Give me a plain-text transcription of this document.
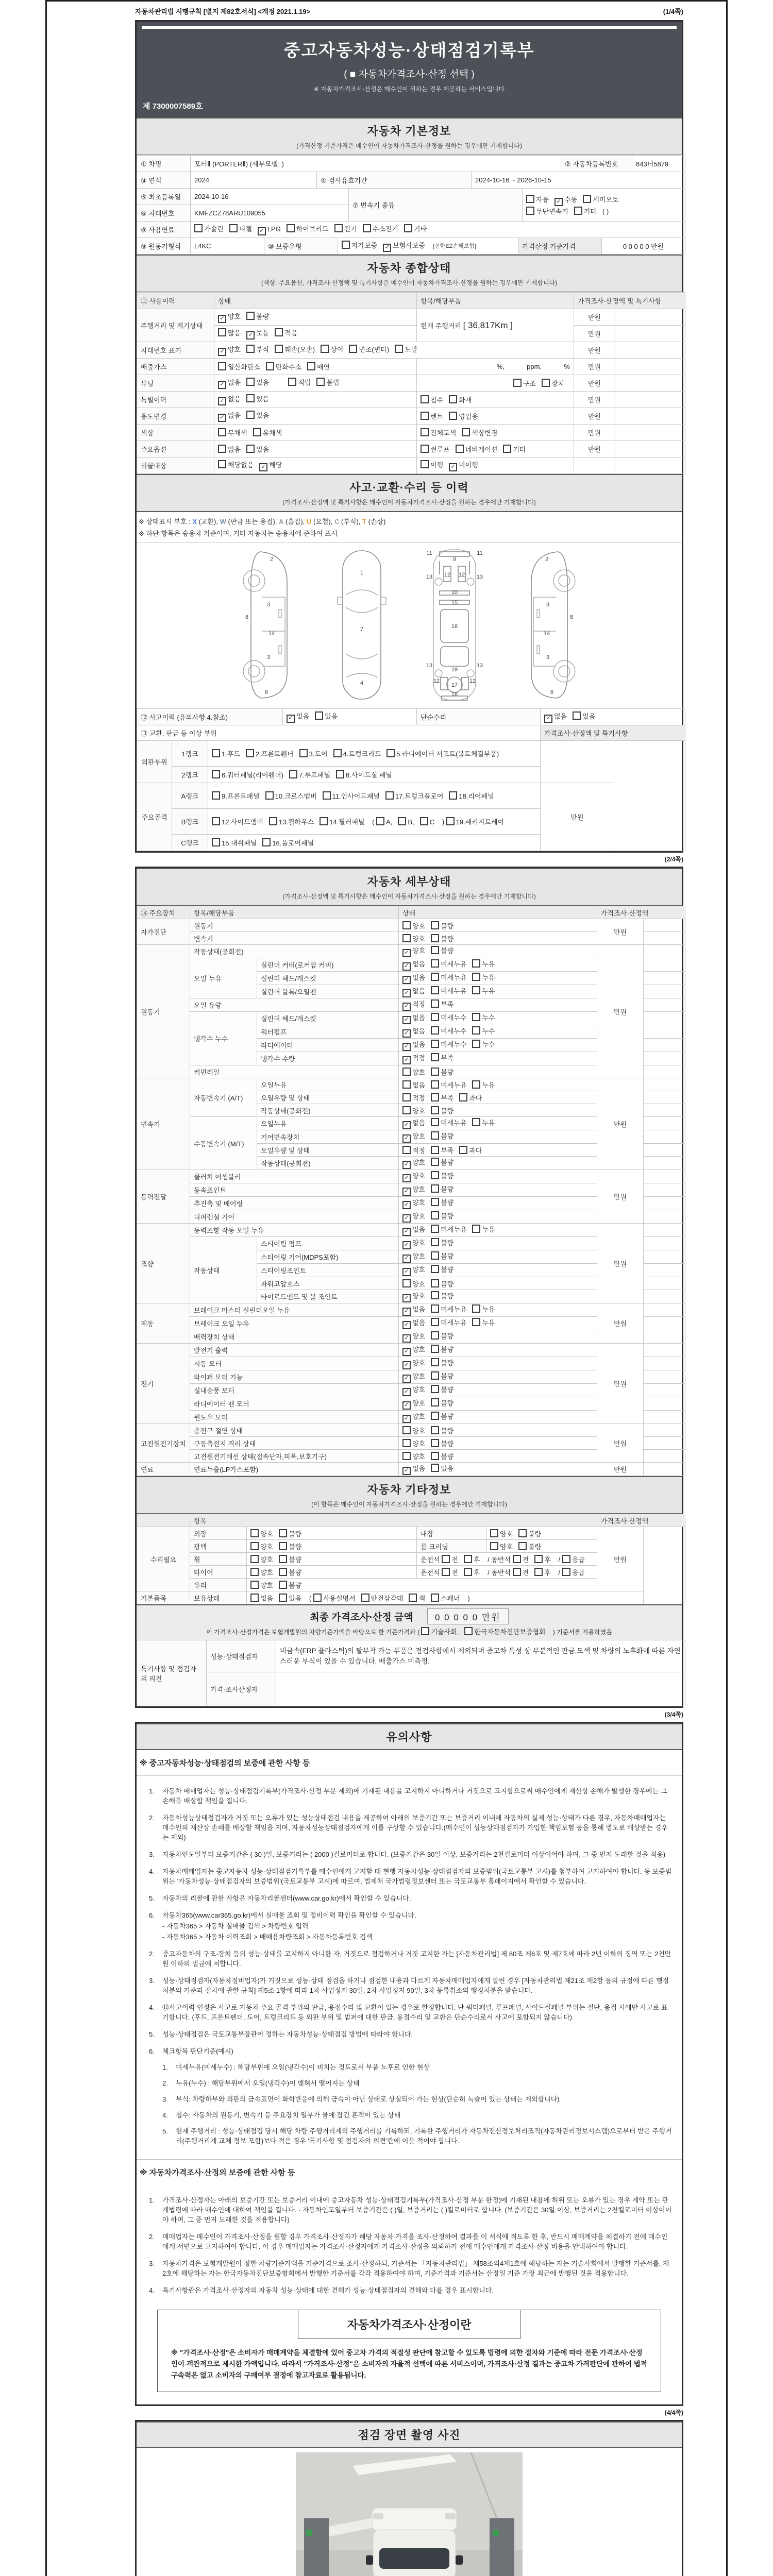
자동차관리법 시행규칙 [별지 제82호서식] <개정 2021.1.19>	(1/4쪽)
중고자동차성능·상태점검기록부
( ■ 자동차가격조사·산정 선택 )
※ 자동차가격조사·산정은 매수인이 원하는 경우 제공하는 서비스입니다
제 7300007589호
자동차 기본정보
(가격산정 기준가격은 매수인이 자동차가격조사·산정을 원하는 경우에만 기재합니다)
① 차명	포터Ⅱ (PORTERⅡ) (세부모델: )	② 자동차등록번호	843더5879
③ 연식	2024	④ 검사유효기간	2024-10-16 ~ 2026-10-15
⑤ 최초등록일	2024-10-16	⑦ 변속기 종류	자동 ✓ 수동 세미오토
무단변속기 기타 ( )

⑥ 차대번호	KMFZCZ78ARU109055		
⑧ 사용연료	가솔린 디젤 ✓ LPG 하이브리드 전기 수소전기 기타
⑨ 원동기형식	L4KC	⑩ 보증유형	자가보증 ✓ 보험사보증 [신한EZ손해보험]	가격산정 기준가격	0 0 0 0 0 만원
자동차 종합상태
(색상, 주요옵션, 가격조사·산정액 및 특기사항은 매수인이 자동차가격조사·산정을 원하는 경우에만 기재합니다)
⑪ 사용이력	상태	항목/해당부품	가격조사·산정액 및 특기사항	
주행거리 및 계기상태	✓ 양호 불량	현재 주행거리 [ 36,817Km ]	만원	
	많음 ✓ 보통 적음		만원	
차대번호 표기	✓ 양호 부식 훼손(오손) 상이 변조(변타) 도말		만원	
배출가스	일산화탄소 탄화수소 매연	%,            ppm,            %	만원	
튜닝	✓ 없음 있음 적법 불법	구조 장치	만원	
특별이력	✓ 없음 있음	침수 화재	만원	
용도변경	✓ 없음 있음	렌트 영업용	만원	
색상	무채색 유채색	전체도색 색상변경	만원	
주요옵션	없음 있음	썬루프 네비게이션 기타	만원	
리콜대상	해당없음 ✓ 해당	이행 ✓ 미이행		
사고·교환·수리 등 이력
(가격조사·산정액 및 특기사항은 매수인이 자동차가격조사·산정을 원하는 경우에만 기재합니다)
※ 상태표시 부호 : X (교환), W (판금 또는 용접), A (흠집), U (요철), C (부식), T (손상)
※ 하단 항목은 승용차 기준이며, 기타 자동차는 승용차에 준하여 표시
2
8
3
14
3
6
1
7
4
11
9
11
13 12 12 13
10
15
16
13
19
13
12
17
12
18
2
3
8
14
3
6
⑫ 사고이력 (유의사항 4.참조)	✓ 없음 있음	단순수리	✓ 없음 있음
⑬ 교환, 판금 등 이상 부위	가격조사·산정액 및 특기사항
외판부위	1랭크	1.후드 2.프론트휀더 3.도어 4.트렁크리드 5.라디에이터 서포트(볼트체결부품)		
	2랭크	6.쿼터패널(리어휀더) 7.루프패널 8.사이드실 패널		
주요골격	A랭크	9.프론트패널 10.크로스멤버 11.인사이드패널 17.트렁크플로어 18.리어패널	만원	
	B랭크	12.사이드멤버 13.휠하우스 14.필러패널 ( A, B, C ) 19.패키지트레이		
	C랭크	15.대쉬패널 16.플로어패널		
(2/4쪽)
자동차 세부상태
(가격조사·산정액 및 특기사항은 매수인이 자동차가격조사·산정을 원하는 경우에만 기재합니다)
⑭ 주요장치	항목/해당부품		상태	가격조사·산정액	
자가진단	원동기		양호 불량	만원	
	변속기		양호 불량		
원동기	작동상태(공회전)		✓ 양호 불량	만원	
	오일 누유	실린더 커버(로커암 커버)	✓ 없음 미세누유 누유		
		실린더 헤드/개스킷	✓ 없음 미세누유 누유		
		실린더 블록/오일팬	✓ 없음 미세누유 누유		
	오일 유량		✓ 적정 부족		
	냉각수 누수	실린더 헤드/개스킷	✓ 없음 미세누수 누수		
		워터펌프	✓ 없음 미세누수 누수		
		라디에이터	✓ 없음 미세누수 누수		
		냉각수 수량	✓ 적정 부족		
	커먼레일		양호 불량		
변속기	자동변속기 (A/T)	오일누유	없음 미세누유 누유	만원	
		오일유량 및 상태	적정 부족 과다		
		작동상태(공회전)	양호 불량		
	수동변속기 (M/T)	오일누유	✓ 없음 미세누유 누유		
		기어변속장치	✓ 양호 불량		
		오일유량 및 상태	적정 부족 과다		
		작동상태(공회전)	✓ 양호 불량		
동력전달	클러치 어셈블리		✓ 양호 불량	만원	
	등속죠인트		✓ 양호 불량		
	추진축 및 베어링		✓ 양호 불량		
	디퍼렌셜 기어		✓ 양호 불량		
조향	동력조향 작동 오일 누유		✓ 없음 미세누유 누유	만원	
	작동상태	스티어링 펌프	✓ 양호 불량		
		스티어링 기어(MDPS포함)	✓ 양호 불량		
		스티어링조인트	✓ 양호 불량		
		파워고압호스	양호 불량		
		타이로드엔드 및 볼 조인트	✓ 양호 불량		
제동	브레이크 마스터 실린더오일 누유		✓ 없음 미세누유 누유	만원	
	브레이크 오일 누유		✓ 없음 미세누유 누유		
	배력장치 상태		✓ 양호 불량		
전기	발전기 출력		✓ 양호 불량	만원	
	시동 모터		✓ 양호 불량		
	와이퍼 모터 기능		✓ 양호 불량		
	실내송풍 모터		✓ 양호 불량		
	라디에이터 팬 모터		✓ 양호 불량		
	윈도우 모터		✓ 양호 불량		
고전원전기장치	충전구 절연 상태		양호 불량	만원	
	구동축전지 격리 상태		양호 불량		
	고전원전기배선 상태(접속단자,피복,보호기구)		양호 불량		
연료	연료누출(LP가스포함)		✓ 없음 있음	만원	
자동차 기타정보
(이 항목은 매수인이 자동차가격조사·산정을 원하는 경우에만 기재합니다)
	항목				가격조사·산정액	
수리필요	외장	양호 불량	내장	양호 불량	만원	
	광택	양호 불량	룸 크리닝	양호 불량		
	휠	양호 불량	운전석 전 후 / 동반석 전 후 / 응급			
	타이어	양호 불량	운전석 전 후 / 동반석 전 후 / 응급			
	유리	양호 불량				
기본품목	보유상태	없음 있음 ( 사용설명서 안전삼각대 잭 스패너 )				
최종 가격조사·산정 금액 0 0 0 0 0 만원
이 가격조사·산정가격은 보험개발원의 차량기준가액을 바탕으로 한 기준가격과 ( 기술사회, 한국자동차진단보증협회 ) 기준서를 적용하였음
특기사항 및 점검자의 의견	성능·상태점검자	비금속(FRP 플라스틱)의 탈부착 가능 부품은 점검사항에서 제외되며 중고차 특성 상 부분적인 판금,도색 및 차량의 노후화에 따른 자연스러운 부식이 있을 수 있습니다. 배출가스 미측정.
	가격·조사산정자	
(3/4쪽)
유의사항
※ 중고자동차성능·상태점검의 보증에 관한 사항 등
1.	자동차 매매업자는 성능·상태점검기록부(가격조사·산정 부분 제외)에 기재된 내용을 고지하지 아니하거나 거짓으로 고지함으로써 매수인에게 재산상 손해가 발생한 경우에는 그 손해를 배상할 책임을 집니다.
2.	자동차성능상태점검자가 거짓 또는 오류가 있는 성능상태점검 내용을 제공하여 아래의 보증기간 또는 보증거리 이내에 자동차의 실제 성능·상태가 다른 경우, 자동차매매업자는 매수인의 재산상 손해를 배상할 책임을 지며, 자동차성능상태점검자에게 이를 구상할 수 있습니다.(매수인이 성능상태점검자가 가입한 책임보험 등을 통해 별도로 배상받는 경우는 제외)
3.	자동차인도일부터 보증기간은 ( 30 )일, 보증거리는 ( 2000 )킬로미터로 합니다. (보증기간은 30일 이상, 보증거리는 2천킬로미터 이상이어야 하며, 그 중 먼저 도래한 것을 적용)
4.	자동차매매업자는 중고자동차 성능·상태점검기록부를 매수인에게 고지할 때 현행 자동차성능·상태점검자의 보증범위(국토교통부 고시)를 첨부하여 고지하여야 합니다. 동 보증범위는 '자동차성능·상태점검자의 보증범위'(국토교통부 고시)에 따르며, 법제처 국가법령정보센터 또는 국토교통부 홈페이지에서 확인할 수 있습니다.
5.	자동차의 리콜에 관한 사항은 자동차리콜센터(www.car.go.kr)에서 확인할 수 있습니다.
6.	자동차365(www.car365.go.kr)에서 실매물 조회 및 정비이력 확인을 확인할 수 있습니다.
- 자동차365 > 자동차 실매물 검색 > 차량번호 입력
- 자동차365 > 자동차 이력조회 > 매매용차량조회 > 자동차등록번호 검색
2.	중고자동차의 구조·장치 등의 성능·상태를 고지하지 아니한 자, 거짓으로 점검하거나 거짓 고지한 자는 [자동차관리법] 제 80조 제6호 및 제7호에 따라 2년 이하의 징역 또는 2천만원 이하의 벌금에 처합니다.
3.	성능·상태점검자(자동차정비업자)가 거짓으로 성능·상태 점검을 하거나 점검한 내용과 다르게 자동차매매업자에게 알린 경우 [자동차관리법 제21조 제2항 등의 규정에 따른 행정처분의 기준과 절차에 관한 규칙] 제5조 1항에 따라 1차 사업정지 30일, 2차 사업정지 90일, 3차 등록취소의 행정처분을 받습니다.
4.	⑫사고이력 인정은 사고로 자동차 주요 골격 부위의 판금, 용접수리 및 교환이 있는 경우로 한정합니다. 단 쿼터패널, 루프패널, 사이드실패널 부위는 절단, 용접 시에만 사고로 표기합니다. (후드, 프론트펜더, 도어, 트렁크리드 등 외판 부위 및 범퍼에 대한 판금, 용접수리 및 교환은 단순수리로서 사고에 포함되지 않습니다)
5.	성능·상태점검은 국토교통부장관이 정하는 자동차성능·상태점검 방법에 따라야 합니다.
6.	체크항목 판단기준(예시)
1.	미세누유(미세누수) : 해당부위에 오일(냉각수)이 비치는 정도로서 부품 노후로 인한 현상
2.	누유(누수) : 해당부위에서 오일(냉각수)이 맺혀서 떨어지는 상태
3.	부식: 차량하부와 외판의 금속표면이 화학반응에 의해 금속이 아닌 상태로 상실되어 가는 현상(단순히 녹슬어 있는 상태는 제외합니다)
4.	침수: 자동차의 원동기, 변속기 등 주요장치 일부가 물에 잠긴 흔적이 있는 상태
5.	현재 주행거리 : 성능·상태점검 당시 해당 차량 주행거리계의 주행거리를 기록하되, 기록한 주행거리가 자동차전산정보처리조직(자동차관리정보시스템)으로부터 받은 주행거리(주행거리계 교체 정보 포함)보다 적은 경우 '특기사항 및 점검자의 의견'란에 이를 적어야 합니다.
※ 자동차가격조사·산정의 보증에 관한 사항 등
1.	가격조사·산정자는 아래의 보증기간 또는 보증거리 이내에 중고자동차 성능·상태점검기록부(가격조사·산정 부분 한정)에 기재된 내용에 허위 또는 오류가 있는 경우 계약 또는 관계법령에 따라 매수인에 대하여 책임을 집니다. · 자동차인도일부터 보증기간은 ( )일, 보증거리는 ( )킬로미터로 합니다. (보증기간은 30일 이상, 보증거리는 2천킬로미터 이상이어야 하며, 그 중 먼저 도래한 것을 적용합니다)
2.	매매업자는 매수인이 가격조사·산정을 원할 경우 가격조사·산정자가 해당 자동차 가격을 조사·산정하여 결과를 이 서식에 적도록 한 후, 반드시 매매계약을 체결하기 전에 매수인에게 서면으로 고지하여야 합니다. 이 경우 매매업자는 가격조사·산정자에게 가격조사·산정을 의뢰하기 전에 매수인에게 가격조사·산정 비용을 안내하여야 합니다.
3.	자동차가격은 보험개발원이 정한 차량기준가액을 기준가격으로 조사·산정하되, 기준서는 「자동차관리법」 제58조의4제1호에 해당하는 자는 기술사회에서 발행한 기준서를, 제2호에 해당하는 자는 한국자동차진단보증협회에서 발행한 기준서를 각각 적용하여야 하며, 기준가격과 기준서는 산정일 기준 가장 최근에 발행된 것을 적용합니다.
4.	특기사항란은 가격조사·산정자의 자동차 성능·상태에 대한 견해가 성능·상태점검자의 견해와 다를 경우 표시합니다.
자동차가격조사·산정이란
※ "가격조사·산정"은 소비자가 매매계약을 체결함에 있어 중고차 가격의 적절성 판단에 참고할 수 있도록 법령에 의한 절차와 기준에 따라 전문 가격조사·산정인이 객관적으로 제시한 가액입니다. 따라서 "가격조사·산정"은 소비자의 자율적 선택에 따른 서비스이며, 가격조사·산정 결과는 중고차 가격판단에 관하여 법적 구속력은 없고 소비자의 구매여부 결정에 참고자료로 활용됩니다.
(4/4쪽)
점검 장면 촬영 사진
